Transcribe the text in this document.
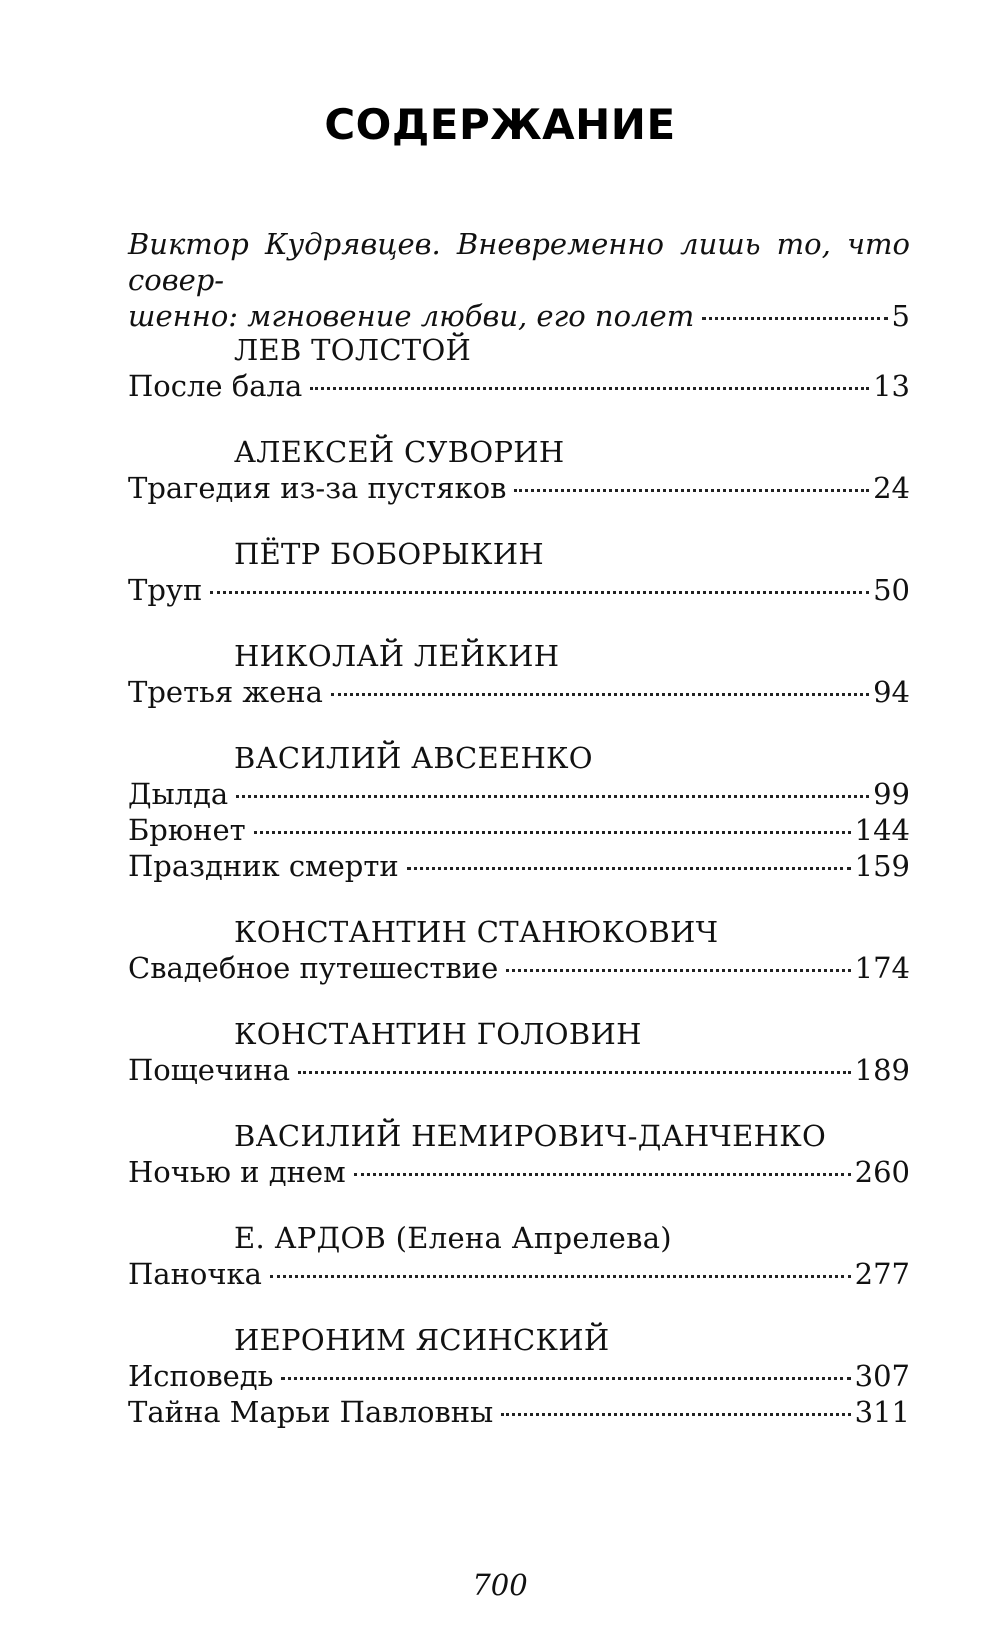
СОДЕРЖАНИЕ
Виктор Кудрявцев. Вневременно лишь то, что совер-
шенно: мгновение любви, его полет	5
ЛЕВ ТОЛСТОЙ
После бала	13
АЛЕКСЕЙ СУВОРИН
Трагедия из-за пустяков	24
ПЁТР БОБОРЫКИН
Труп	50
НИКОЛАЙ ЛЕЙКИН
Третья жена	94
ВАСИЛИЙ АВСЕЕНКО
Дылда	99
Брюнет	144
Праздник смерти	159
КОНСТАНТИН СТАНЮКОВИЧ
Свадебное путешествие	174
КОНСТАНТИН ГОЛОВИН
Пощечина	189
ВАСИЛИЙ НЕМИРОВИЧ-ДАНЧЕНКО
Ночью и днем	260
Е. АРДОВ (Елена Апрелева)
Паночка	277
ИЕРОНИМ ЯСИНСКИЙ
Исповедь	307
Тайна Марьи Павловны	311
700
